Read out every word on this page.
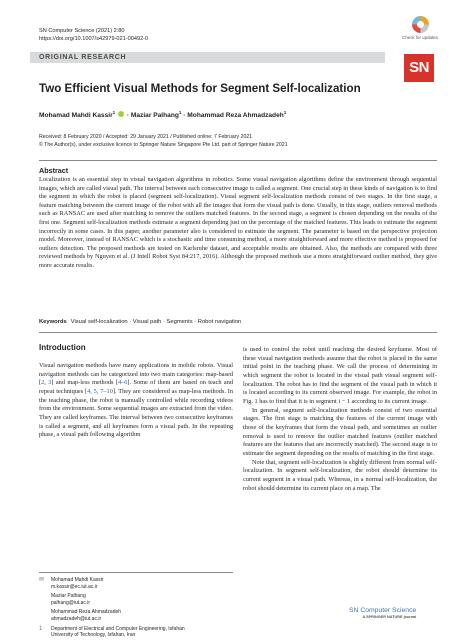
SN Computer Science (2021) 2:80
https://doi.org/10.1007/s42979-021-00492-0	Check for updates
ORIGINAL RESEARCH
SN
Two Efficient Visual Methods for Segment Self-localization
Mohamad Mahdi Kassir$^1$  · Maziar Palhang$^1$ · Mohammad Reza Ahmadzadeh$^1$
Received: 8 February 2020 / Accepted: 29 January 2021 / Published online: 7 February 2021
© The Author(s), under exclusive licence to Springer Nature Singapore Pte Ltd. part of Springer Nature 2021
Abstract

Localization is an essential step in visual navigation algorithms in robotics. Some visual navigation algorithms define the environment through sequential images, which are called visual path. The interval between each consecutive image is called a segment. One crucial step in these kinds of navigation is to find the segment in which the robot is placed (segment self-localization). Visual segment self-localization methods consist of two stages. In the first stage, a feature matching between the current image of the robot with all the images that form the visual path is done. Usually, in this stage, outliers removal methods such as RANSAC are used after matching to remove the outliers matched features. In the second stage, a segment is chosen depending on the results of the first one. Segment self-localization methods estimate a segment depending just on the percentage of the matched features. This leads to estimate the segment incorrectly in some cases. In this paper, another parameter also is considered to estimate the segment. The parameter is based on the perspective projection model. Moreover, instead of RANSAC which is a stochastic and time consuming method, a more straightforward and more effective method is proposed for outliers detection. The proposed methods are tested on Karlsruhe dataset, and acceptable results are obtained. Also, the methods are compared with three reviewed methods by Nguyen et al. (J Intell Robot Syst 84:217, 2016). Although the proposed methods use a more straightforward outlier method, they give more accurate results.

Keywords Visual self-localization · Visual path · Segments · Robot navigation
Introduction

Visual navigation methods have many applications in mobile robots. Visual navigation methods can be categorized into two main categories: map-based [2, 3] and map-less methods [4–6]. Some of them are based on teach and repeat techniques [4, 5, 7–10]. They are considered as map-less methods. In the teaching phase, the robot is manually controlled while recording videos from the environment. Some sequential images are extracted from the video. They are called keyframes. The interval between two consecutive keyframes is called a segment, and all keyframes form a visual path. In the repeating phase, a visual path following algorithm

is used to control the robot until reaching the desired keyframe. Most of these visual navigation methods assume that the robot is placed in the same initial point in the teaching phase. We call the process of determining in which segment the robot is located in the visual path visual segment self-localization. The robot has to find the segment of the visual path in which it is located according to its current observed image. For example, the robot in Fig. 1 has to find that it is in segment i − 1 according to its current image.

In general, segment self-localization methods consist of two essential stages. The first stage is matching the features of the current image with those of the keyframes that form the visual path, and sometimes an outlier removal is used to remove the outlier matched features (outlier matched features are the features that are incorrectly matched). The second stage is to estimate the segment depending on the results of matching in the first stage.

Note that, segment self-localization is slightly different from normal self-localization. In segment self-localization, the robot should determine its current segment in a visual path. Whereas, in a normal self-localization, the robot should determine its current place on a map. The

✉	Mohamad Mahdi Kassir
m.kassir@ec.iut.ac.ir
Maziar Palhang
palhang@iut.ac.ir
Mohammad Reza Ahmadzadeh
ahmadzadeh@iut.ac.ir
1	Department of Electrical and Computer Engineering, Isfahan
University of Technology, Isfahan, Iran
SN Computer Science
A SPRINGER NATURE journal
